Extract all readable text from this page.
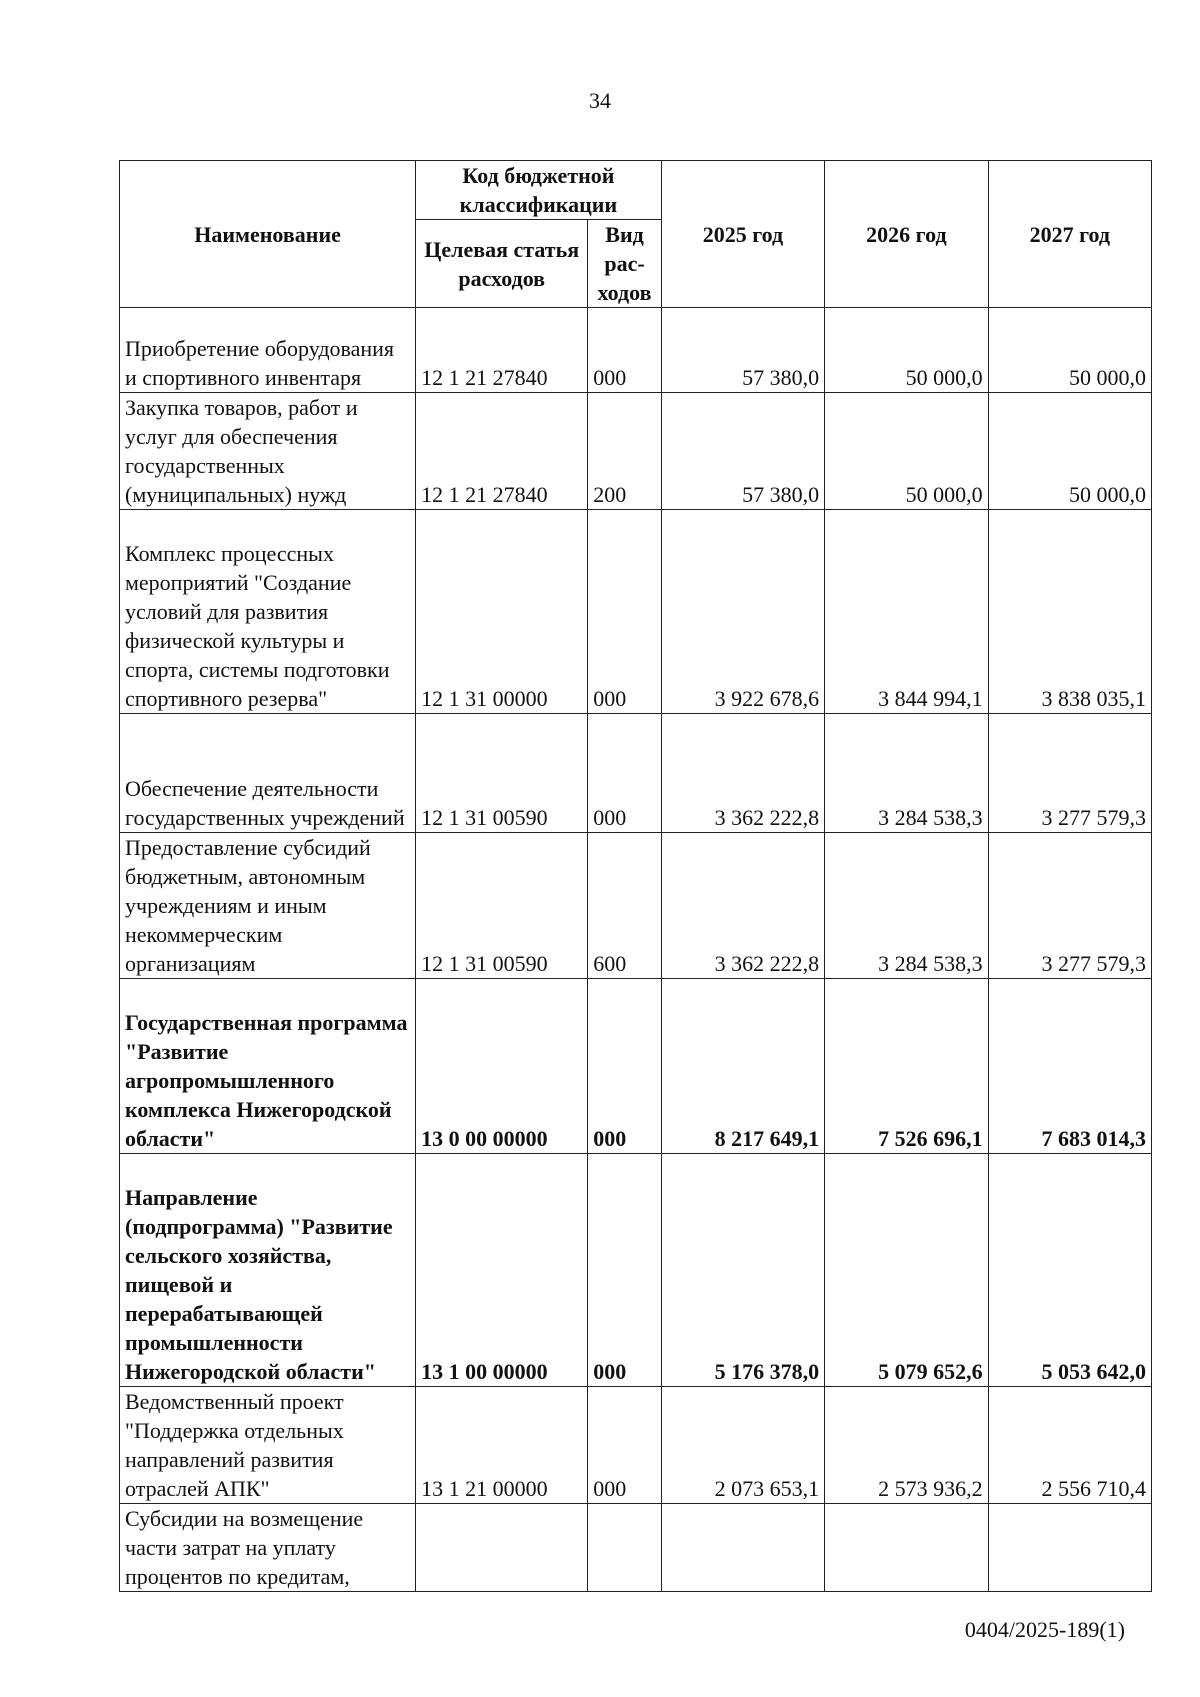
34
Наименование	Код бюджетной классификации		2025 год	2026 год	2027 год
	Целевая статья расходов	Вид рас-ходов			
Приобретение оборудования и спортивного инвентаря	12 1 21 27840	000	57 380,0	50 000,0	50 000,0
Закупка товаров, работ и услуг для обеспечения государственных (муниципальных) нужд	12 1 21 27840	200	57 380,0	50 000,0	50 000,0
Комплекс процессных мероприятий "Создание условий для развития физической культуры и спорта, системы подготовки спортивного резерва"	12 1 31 00000	000	3 922 678,6	3 844 994,1	3 838 035,1
Обеспечение деятельности государственных учреждений	12 1 31 00590	000	3 362 222,8	3 284 538,3	3 277 579,3
Предоставление субсидий бюджетным, автономным учреждениям и иным некоммерческим организациям	12 1 31 00590	600	3 362 222,8	3 284 538,3	3 277 579,3
Государственная программа "Развитие агропромышленного комплекса Нижегородской области"	13 0 00 00000	000	8 217 649,1	7 526 696,1	7 683 014,3
Направление (подпрограмма) "Развитие сельского хозяйства, пищевой и перерабатывающей промышленности Нижегородской области"	13 1 00 00000	000	5 176 378,0	5 079 652,6	5 053 642,0
Ведомственный проект "Поддержка отдельных направлений развития отраслей АПК"	13 1 21 00000	000	2 073 653,1	2 573 936,2	2 556 710,4
Субсидии на возмещение части затрат на уплату процентов по кредитам,					
0404/2025-189(1)
